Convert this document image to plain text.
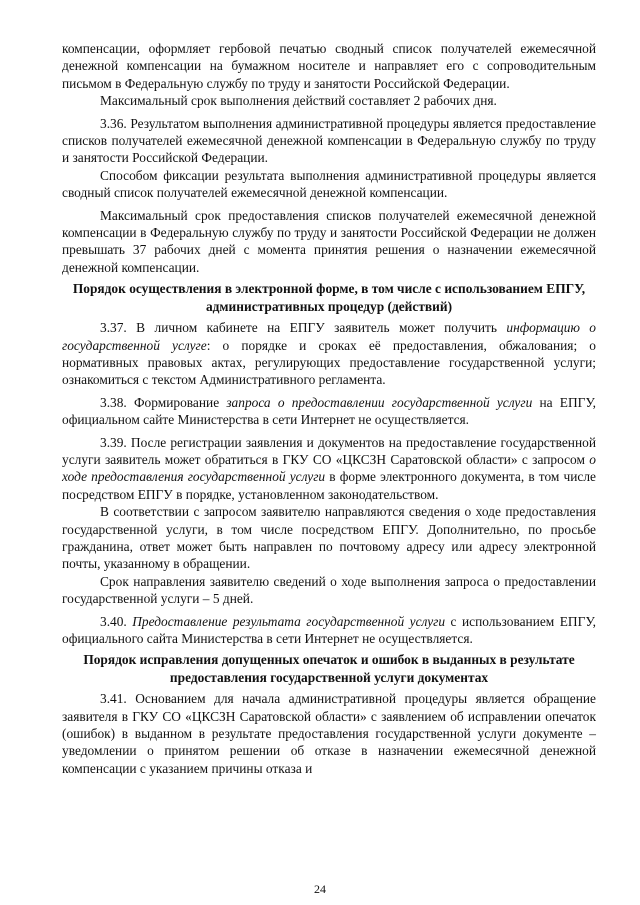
компенсации, оформляет гербовой печатью сводный список получателей ежемесячной денежной компенсации на бумажном носителе и направляет его с сопроводительным письмом в Федеральную службу по труду и занятости Российской Федерации.

Максимальный срок выполнения действий составляет 2 рабочих дня.

3.36. Результатом выполнения административной процедуры является предоставление списков получателей ежемесячной денежной компенсации в Федеральную службу по труду и занятости Российской Федерации.

Способом фиксации результата выполнения административной процедуры является сводный список получателей ежемесячной денежной компенсации.

Максимальный срок предоставления списков получателей ежемесячной денежной компенсации в Федеральную службу по труду и занятости Российской Федерации не должен превышать 37 рабочих дней с момента принятия решения о назначении ежемесячной денежной компенсации.

Порядок осуществления в электронной форме, в том числе с использованием ЕПГУ, административных процедур (действий)

3.37. В личном кабинете на ЕПГУ заявитель может получить информацию о государственной услуге: о порядке и сроках её предоставления, обжалования; о нормативных правовых актах, регулирующих предоставление государственной услуги; ознакомиться с текстом Административного регламента.

3.38. Формирование запроса о предоставлении государственной услуги на ЕПГУ, официальном сайте Министерства в сети Интернет не осуществляется.

3.39. После регистрации заявления и документов на предоставление государственной услуги заявитель может обратиться в ГКУ СО «ЦКСЗН Саратовской области» с запросом о ходе предоставления государственной услуги в форме электронного документа, в том числе посредством ЕПГУ в порядке, установленном законодательством.

В соответствии с запросом заявителю направляются сведения о ходе предоставления государственной услуги, в том числе посредством ЕПГУ. Дополнительно, по просьбе гражданина, ответ может быть направлен по почтовому адресу или адресу электронной почты, указанному в обращении.

Срок направления заявителю сведений о ходе выполнения запроса о предоставлении государственной услуги – 5 дней.

3.40. Предоставление результата государственной услуги с использованием ЕПГУ, официального сайта Министерства в сети Интернет не осуществляется.

Порядок исправления допущенных опечаток и ошибок в выданных в результате предоставления государственной услуги документах

3.41. Основанием для начала административной процедуры является обращение заявителя в ГКУ СО «ЦКСЗН Саратовской области» с заявлением об исправлении опечаток (ошибок) в выданном в результате предоставления государственной услуги документе – уведомлении о принятом решении об отказе в назначении ежемесячной денежной компенсации с указанием причины отказа и

24
